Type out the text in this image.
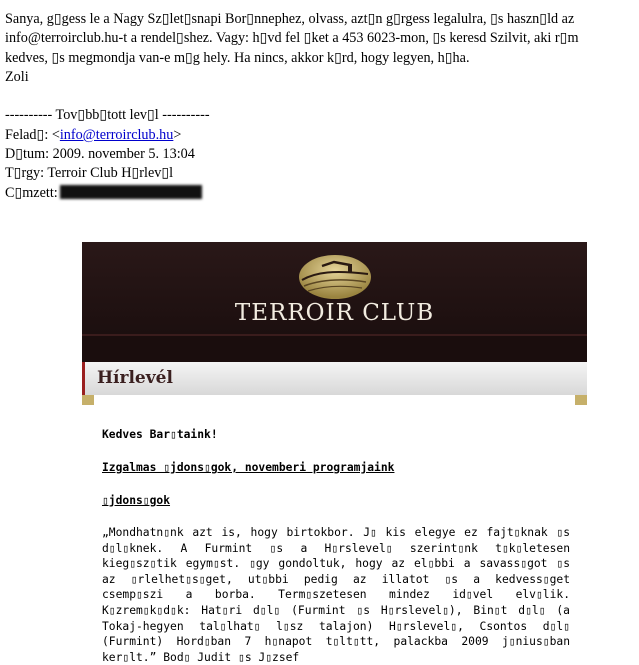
Sanya, g▯gess le a Nagy Sz▯let▯snapi Bor▯nnephez, olvass, azt▯n g▯rgess legalulra, ▯s haszn▯ld az

info@terroirclub.hu-t a rendel▯shez. Vagy: h▯vd fel ▯ket a 453 6023-mon, ▯s keresd Szilvit, aki r▯m

kedves, ▯s megmondja van-e m▯g hely. Ha nincs, akkor k▯rd, hogy legyen, h▯ha.

Zoli

---------- Tov▯bb▯tott lev▯l ----------

Felad▯: <info@terroirclub.hu>

D▯tum: 2009. november 5. 13:04

T▯rgy: Terroir Club H▯rlev▯l

C▯mzett:

TERROIR CLUB
Hírlevél

Kedves Bar▯taink!

Izgalmas ▯jdons▯gok, novemberi programjaink

▯jdons▯gok

„Mondhatn▯nk azt is, hogy birtokbor. J▯ kis elegye ez fajt▯knak ▯s d▯l▯knek. A Furmint ▯s a H▯rslevel▯ szerint▯nk t▯k▯letesen kieg▯sz▯tik egym▯st. ▯gy gondoltuk, hogy az el▯bbi a savass▯got ▯s az ▯rlelhet▯s▯get, ut▯bbi pedig az illatot ▯s a kedvess▯get csemp▯szi a borba. Term▯szetesen mindez id▯vel elv▯lik. K▯zrem▯k▯d▯k: Hat▯ri d▯l▯ (Furmint ▯s H▯rslevel▯), Bin▯t d▯l▯ (a Tokaj-hegyen tal▯lhat▯ l▯sz talajon) H▯rslevel▯, Csontos d▯l▯ (Furmint) Hord▯ban 7 h▯napot t▯lt▯tt, palackba 2009 j▯nius▯ban ker▯lt.” Bod▯ Judit ▯s J▯zsef
